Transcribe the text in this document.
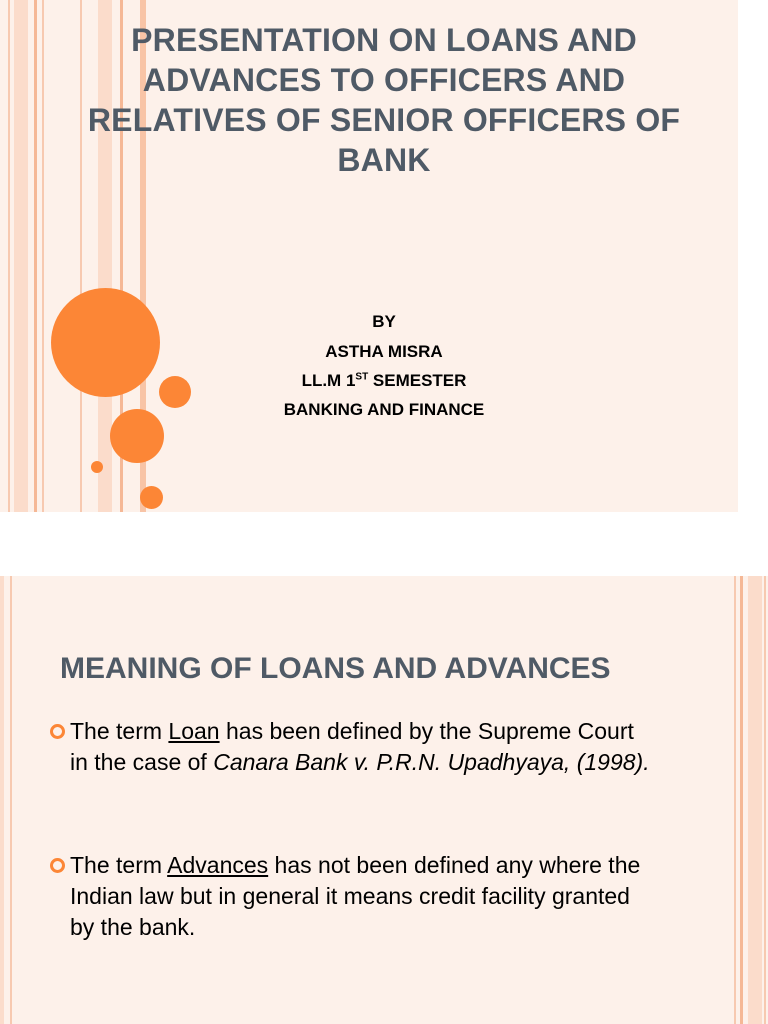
PRESENTATION ON LOANS AND
ADVANCES TO OFFICERS AND
RELATIVES OF SENIOR OFFICERS OF
BANK
BY
ASTHA MISRA
LL.M 1ST SEMESTER
BANKING AND FINANCE
MEANING OF LOANS AND ADVANCES
The term Loan has been defined by the Supreme Court in the case of Canara Bank v. P.R.N. Upadhyaya, (1998).
The term Advances has not been defined any where the Indian law but in general it means credit facility granted by the bank.
